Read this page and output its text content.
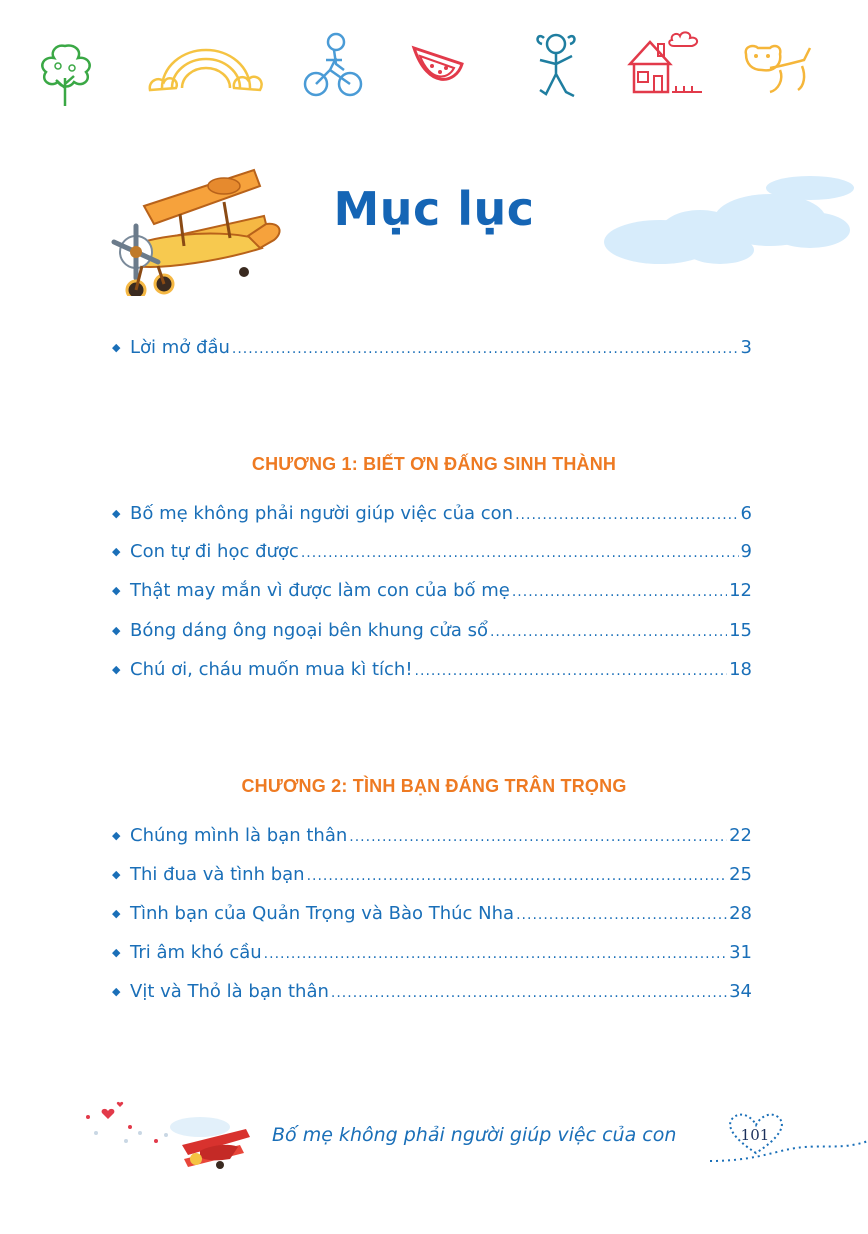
Mục lục
◆ Lời mở đầu .....	3
CHƯƠNG 1: BIẾT ƠN ĐẤNG SINH THÀNH
◆ Bố mẹ không phải người giúp việc của con .....	6
◆ Con tự đi học được .....	9
◆ Thật may mắn vì được làm con của bố mẹ .....	12
◆ Bóng dáng ông ngoại bên khung cửa sổ .....	15
◆ Chú ơi, cháu muốn mua kì tích! .....	18
CHƯƠNG 2: TÌNH BẠN ĐÁNG TRÂN TRỌNG
◆ Chúng mình là bạn thân .....	22
◆ Thi đua và tình bạn .....	25
◆ Tình bạn của Quản Trọng và Bào Thúc Nha .....	28
◆ Tri âm khó cầu .....	31
◆ Vịt và Thỏ là bạn thân .....	34
Bố mẹ không phải người giúp việc của con	101
